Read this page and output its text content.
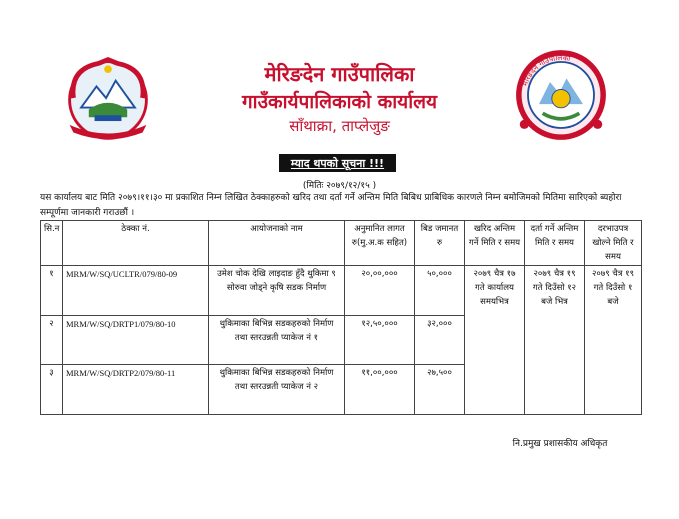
मेरिङदेन गाउँपालिका
गाउँकार्यपालिकाको कार्यालय
साँथाक्रा, ताप्लेजुङ
मेरिङदेन गाउँपालिका
म्याद थपको सूचना !!!
(मितिः २०७९/१२/१५ )
यस कार्यालय बाट मिति २०७९।११।३० मा प्रकाशित निम्न लिखित ठेक्काहरुको खरिद तथा दर्ता गर्ने अन्तिम मिति बिबिध प्राबिधिक कारणले निम्न बमोजिमको मितिमा सारिएको ब्यहोरा सम्पूर्णमा जानकारी गराउछौं ।
सि.न	ठेक्का नं.	आयोजनाको नाम	अनुमानित लागत रु(मु.अ.क सहित)	बिड जमानत रु	खरिद अन्तिम गर्ने मिति र समय	दर्ता गर्ने अन्तिम मिति र समय	दरभाउपत्र खोल्ने मिति र समय
१	MRM/W/SQ/UCLTR/079/80-09	उमेश चोक देखि लाइदाङ हुँदै थुकिमा ९ सोरुवा जोड्ने कृषि सडक निर्माण	२०,००,०००	५०,०००	२०७९ चैत्र १७ गते कार्यालय समयभित्र	२०७९ चैत्र १९ गते दिउँसो १२ बजे भित्र	२०७९ चैत्र १९ गते दिउँसो १ बजे
२	MRM/W/SQ/DRTP1/079/80-10	थुकिमाका बिभिन्न सडकहरुको निर्माण तथा स्तरउन्नती प्याकेज नं १	१२,५०,०००	३२,०००			
३	MRM/W/SQ/DRTP2/079/80-11	थुकिमाका बिभिन्न सडकहरुको निर्माण तथा स्तरउन्नती प्याकेज नं २	११,००,०००	२७,५००			
नि.प्रमुख प्रशासकीय अधिकृत
